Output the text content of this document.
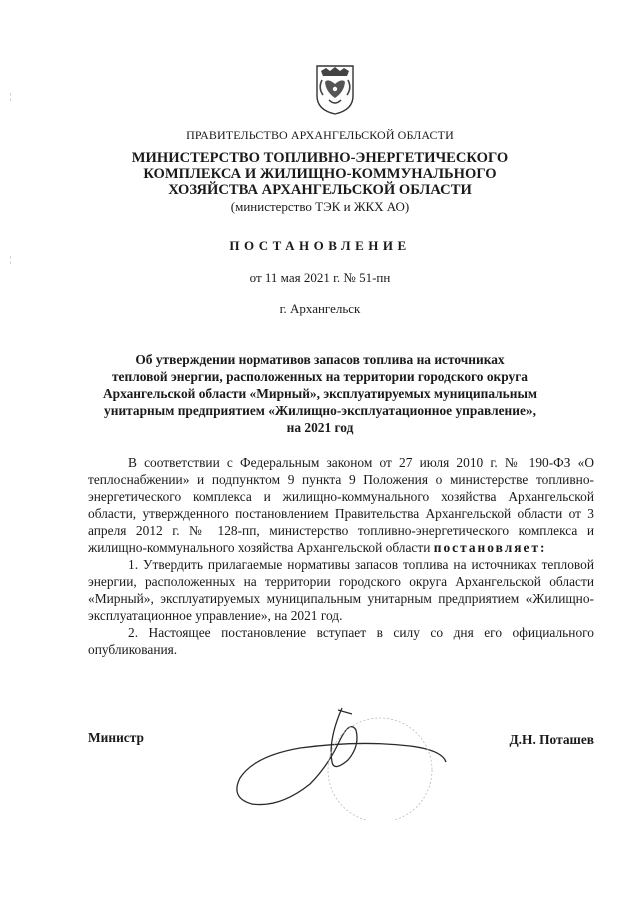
ПРАВИТЕЛЬСТВО АРХАНГЕЛЬСКОЙ ОБЛАСТИ
МИНИСТЕРСТВО ТОПЛИВНО-ЭНЕРГЕТИЧЕСКОГО
КОМПЛЕКСА И ЖИЛИЩНО-КОММУНАЛЬНОГО
ХОЗЯЙСТВА АРХАНГЕЛЬСКОЙ ОБЛАСТИ
(министерство ТЭК и ЖКХ АО)
ПОСТАНОВЛЕНИЕ
от 11 мая 2021 г. № 51-пн
г. Архангельск
Об утверждении нормативов запасов топлива на источниках
тепловой энергии, расположенных на территории городского округа
Архангельской области «Мирный», эксплуатируемых муниципальным
унитарным предприятием «Жилищно-эксплуатационное управление»,
на 2021 год

В соответствии с Федеральным законом от 27 июля 2010 г. № 190-ФЗ «О теплоснабжении» и подпунктом 9 пункта 9 Положения о министерстве топливно-энергетического комплекса и жилищно-коммунального хозяйства Архангельской области, утвержденного постановлением Правительства Архангельской области от 3 апреля 2012 г. № 128-пп, министерство топливно-энергетического комплекса и жилищно-коммунального хозяйства Архангельской области постановляет:

1. Утвердить прилагаемые нормативы запасов топлива на источниках тепловой энергии, расположенных на территории городского округа Архангельской области «Мирный», эксплуатируемых муниципальным унитарным предприятием «Жилищно-эксплуатационное управление», на 2021 год.

2. Настоящее постановление вступает в силу со дня его официального опубликования.

Министр	Д.Н. Поташев
¦
¦
